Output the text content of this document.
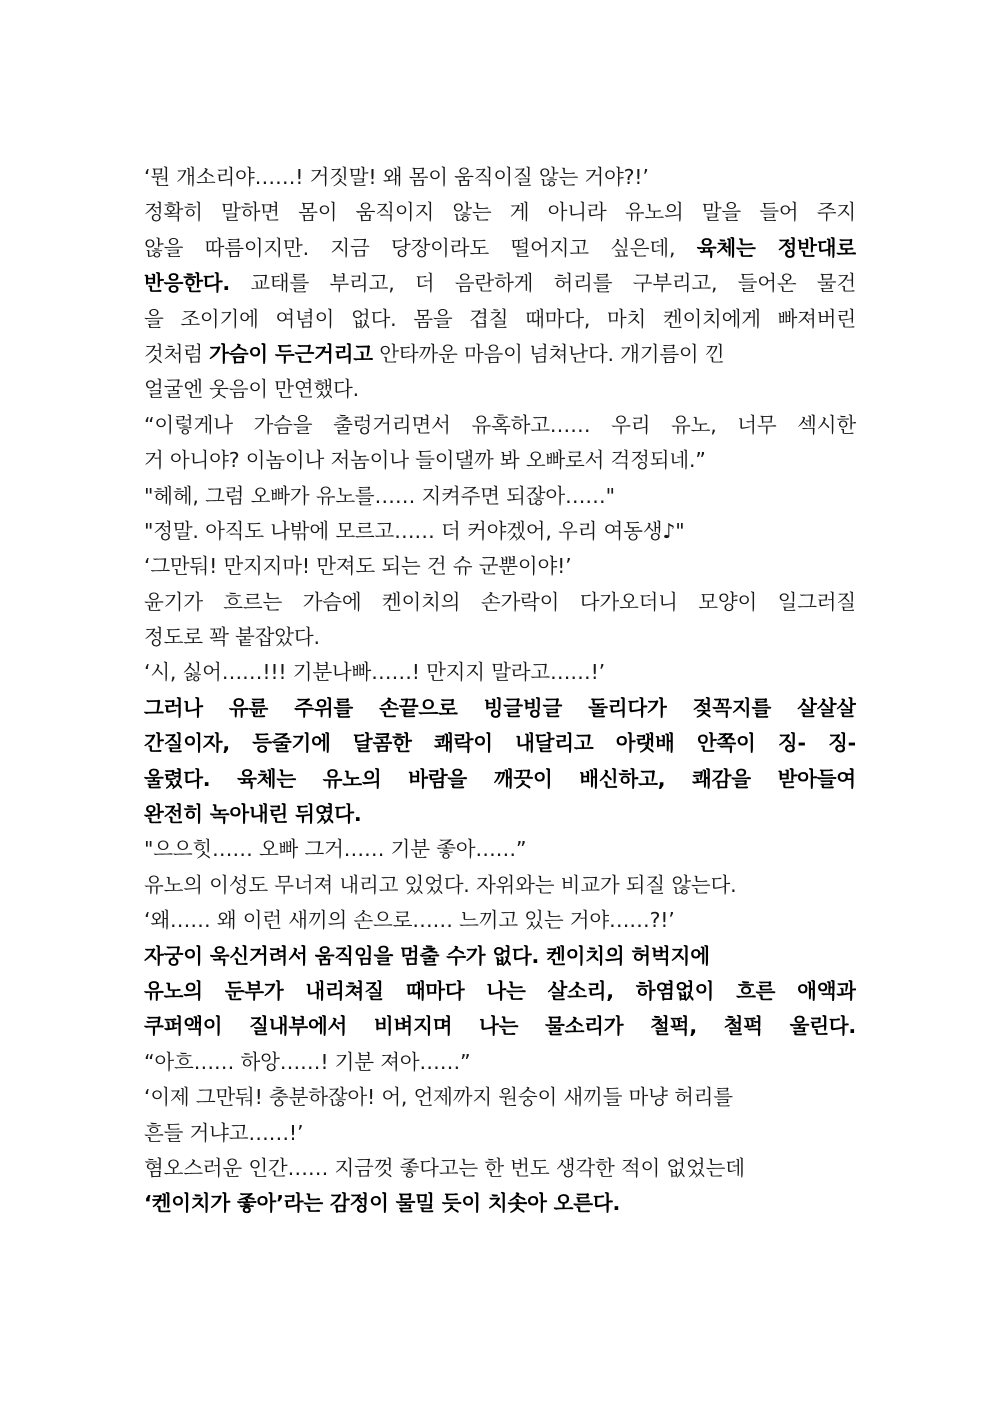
‘뭔 개소리야……! 거짓말! 왜 몸이 움직이질 않는 거야?!’
정확히 말하면 몸이 움직이지 않는 게 아니라 유노의 말을 들어 주지
않을 따름이지만. 지금 당장이라도 떨어지고 싶은데, 육체는 정반대로
반응한다. 교태를 부리고, 더 음란하게 허리를 구부리고, 들어온 물건
을 조이기에 여념이 없다. 몸을 겹칠 때마다, 마치 켄이치에게 빠져버린
것처럼 가슴이 두근거리고 안타까운 마음이 넘쳐난다. 개기름이 낀
얼굴엔 웃음이 만연했다.
“이렇게나 가슴을 출렁거리면서 유혹하고…… 우리 유노, 너무 섹시한
거 아니야? 이놈이나 저놈이나 들이댈까 봐 오빠로서 걱정되네.”
"헤헤, 그럼 오빠가 유노를…… 지켜주면 되잖아……"
"정말. 아직도 나밖에 모르고…… 더 커야겠어, 우리 여동생♪"
‘그만둬! 만지지마! 만져도 되는 건 슈 군뿐이야!’
윤기가 흐르는 가슴에 켄이치의 손가락이 다가오더니 모양이 일그러질
정도로 꽉 붙잡았다.
‘시, 싫어……!!! 기분나빠……! 만지지 말라고……!’
그러나 유륜 주위를 손끝으로 빙글빙글 돌리다가 젖꼭지를 살살살
간질이자, 등줄기에 달콤한 쾌락이 내달리고 아랫배 안쪽이 징- 징-
울렸다. 육체는 유노의 바람을 깨끗이 배신하고, 쾌감을 받아들여
완전히 녹아내린 뒤였다.
"으으힛…… 오빠 그거…… 기분 좋아……”
유노의 이성도 무너져 내리고 있었다. 자위와는 비교가 되질 않는다.
‘왜…… 왜 이런 새끼의 손으로…… 느끼고 있는 거야……?!’
자궁이 욱신거려서 움직임을 멈출 수가 없다. 켄이치의 허벅지에
유노의 둔부가 내리쳐질 때마다 나는 살소리, 하염없이 흐른 애액과
쿠퍼액이 질내부에서 비벼지며 나는 물소리가 철퍽, 철퍽 울린다.
“아흐…… 하앙……! 기분 져아……”
‘이제 그만둬! 충분하잖아! 어, 언제까지 원숭이 새끼들 마냥 허리를
흔들 거냐고……!’
혐오스러운 인간…… 지금껏 좋다고는 한 번도 생각한 적이 없었는데
‘켄이치가 좋아’라는 감정이 물밀 듯이 치솟아 오른다.
